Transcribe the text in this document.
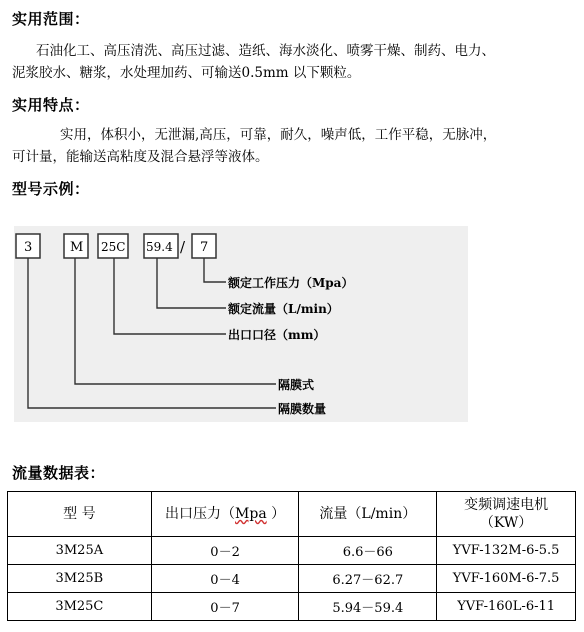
实用范围：
石油化工、高压清洗、高压过滤、造纸、海水淡化、喷雾干燥、制药、电力、
泥浆胶水、糖浆，水处理加药、可输送0.5mm 以下颗粒。
实用特点：
实用，体积小，无泄漏,高压，可靠，耐久，噪声低，工作平稳，无脉冲，
可计量，能输送高粘度及混合悬浮等液体。
型号示例：
3	M 25C 59.4 / 7
额定工作压力（Mpa）
额定流量（L/min）
出口口径（mm）
隔膜式
隔膜数量
流量数据表：
型 号	出口压力（Mpa ）	流量（L/min）	变频调速电机
（KW）

3M25A	0－2	6.6－66	YVF-132M-6-5.5
3M25B	0－4	6.27－62.7	YVF-160M-6-7.5
3M25C	0－7	5.94－59.4	YVF-160L-6-11
